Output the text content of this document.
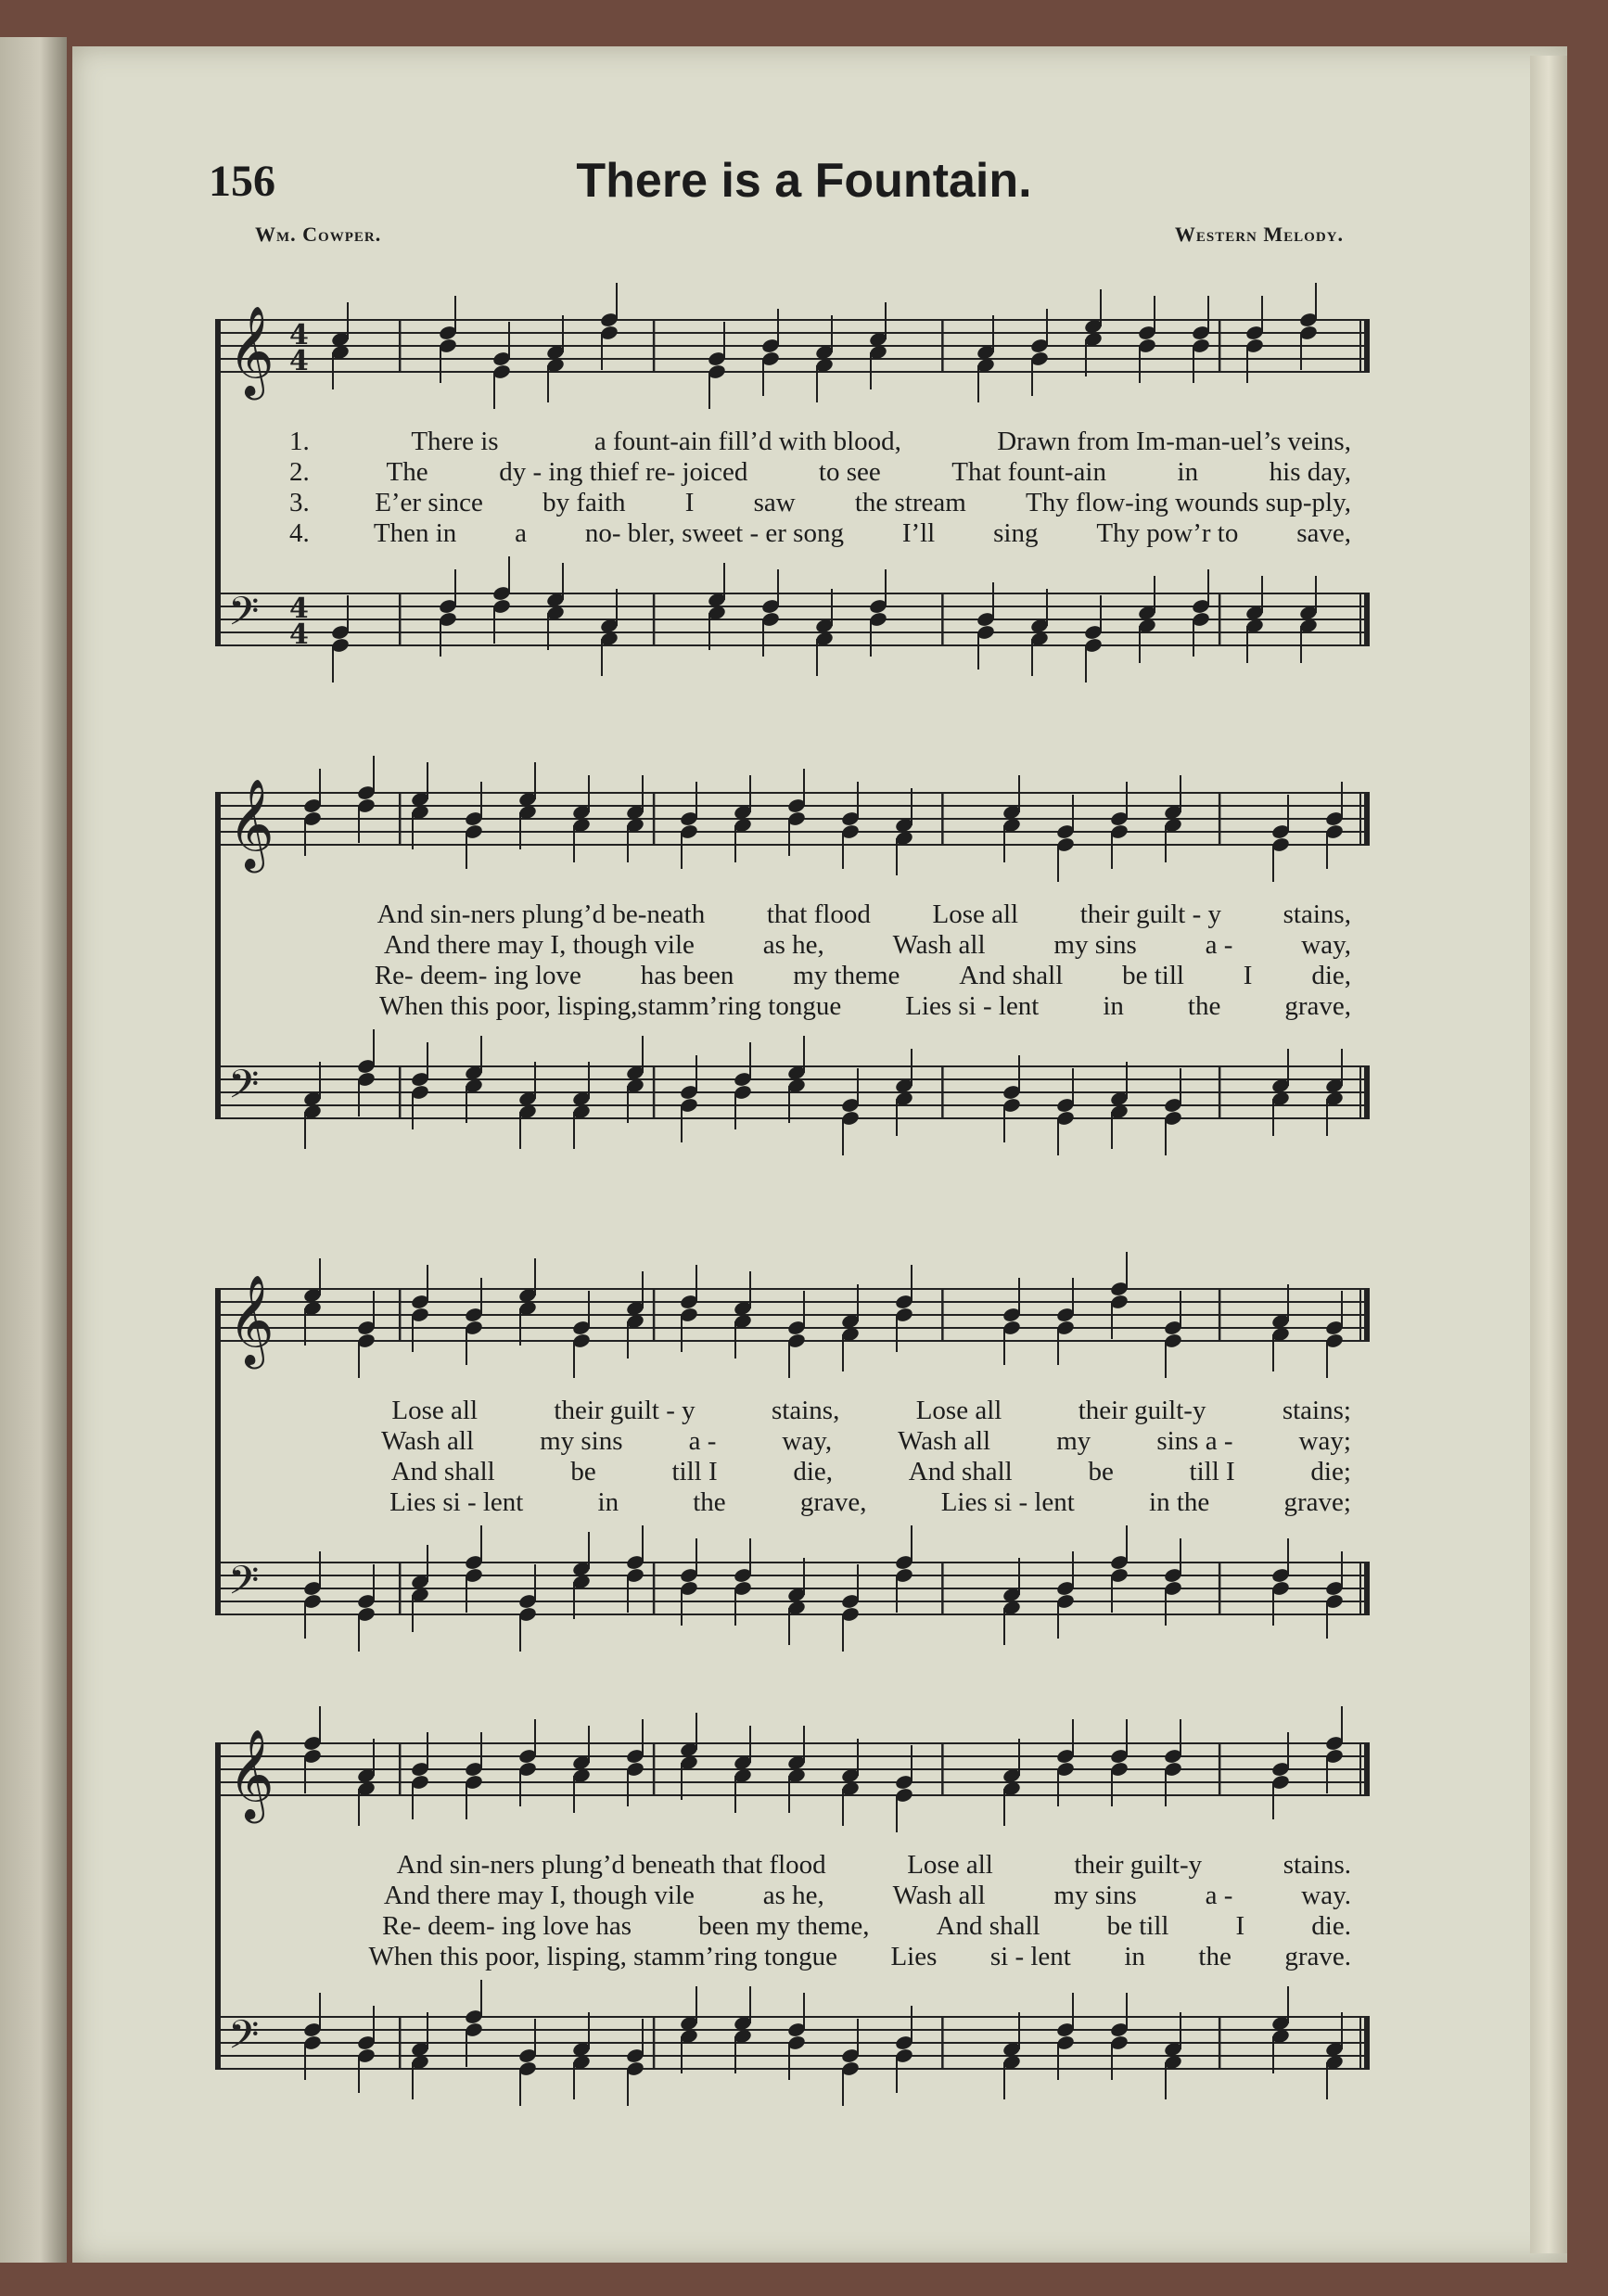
156	There is a Fountain.
Wm. Cowper.	Western Melody.
𝄞 4
4
1.	There is	a fount-ain fill’d with blood,	Drawn from Im-man-uel’s veins,
2.	The	dy - ing thief re- joiced	to see	That fount-ain	in	his day,
3. E’er since by faith I saw the stream Thy flow-ing wounds sup-ply,
4. Then in a no- bler, sweet - er song I’ll sing Thy pow’r to save,
𝄢 4
4
𝄞
And sin-ners plung’d be-neath that flood Lose all their guilt - y stains,
And there may I, though vile	as he,	Wash all	my sins	a -	way,
Re- deem- ing love has been my theme And shall be till I die,
When this poor, lisping,stamm’ring tongue Lies si - lent in the grave,
𝄢
𝄞
Lose all	their guilt - y	stains,	Lose all	their guilt-y	stains;
Wash all my sins a - way, Wash all my sins a - way;
And shall	be	till I	die,	And shall	be	till I	die;
Lies si - lent	in	the	grave,	Lies si - lent	in the	grave;
𝄢
𝄞
And sin-ners plung’d beneath that flood	Lose all	their guilt-y	stains.
And there may I, though vile	as he,	Wash all	my sins	a -	way.
Re- deem- ing love has been my theme, And shall be till I die.
When this poor, lisping, stamm’ring tongue Lies si - lent in the grave.
𝄢
